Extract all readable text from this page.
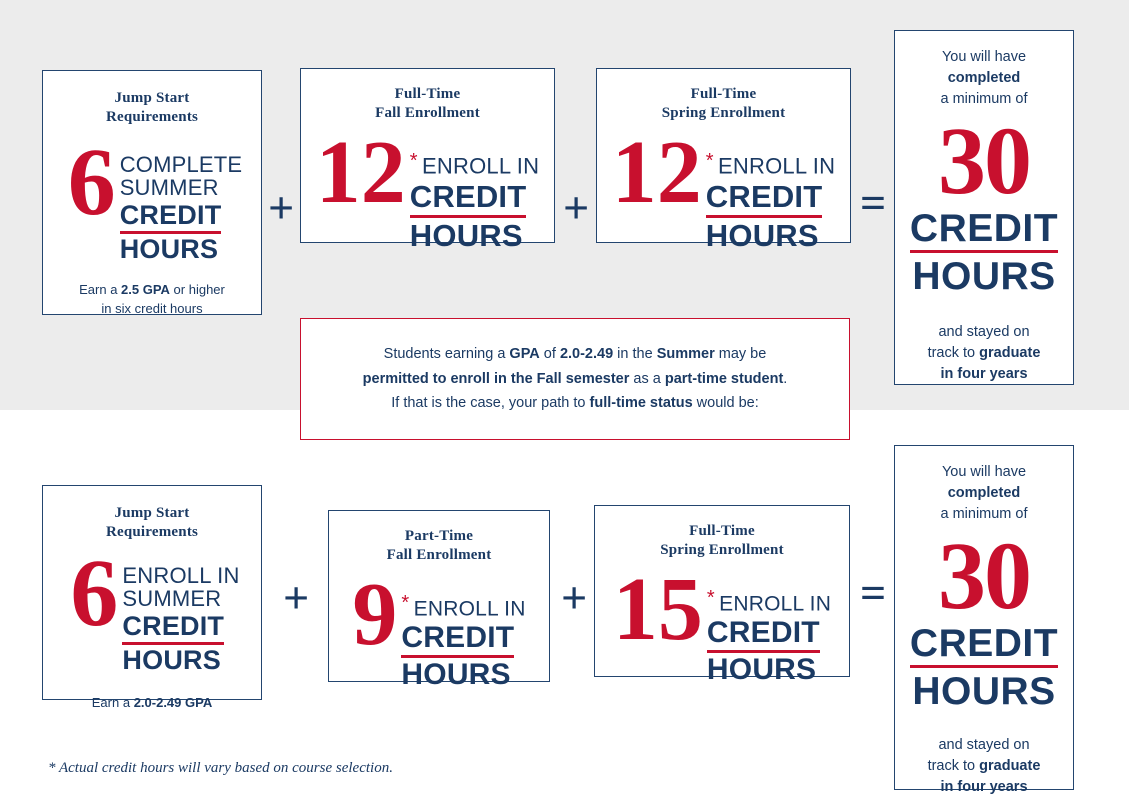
Jump Start
Requirements
6 COMPLETE
SUMMER
CREDIT
HOURS
Earn a 2.5 GPA or higher
in six credit hours
+
Full-Time
Fall Enrollment
12 * ENROLL IN
CREDIT
HOURS
+
Full-Time
Spring Enrollment
12 * ENROLL IN
CREDIT
HOURS
=
You will have
completed
a minimum of
30
CREDIT
HOURS
and stayed on
track to graduate
in four years
Students earning a GPA of 2.0-2.49 in the Summer may be
permitted to enroll in the Fall semester as a part-time student.
If that is the case, your path to full-time status would be:
Jump Start
Requirements
6 ENROLL IN
SUMMER
CREDIT
HOURS
Earn a 2.0-2.49 GPA
+
Part-Time
Fall Enrollment
9 * ENROLL IN
CREDIT
HOURS
+
Full-Time
Spring Enrollment
15 * ENROLL IN
CREDIT
HOURS
=
You will have
completed
a minimum of
30
CREDIT
HOURS
and stayed on
track to graduate
in four years
* Actual credit hours will vary based on course selection.
